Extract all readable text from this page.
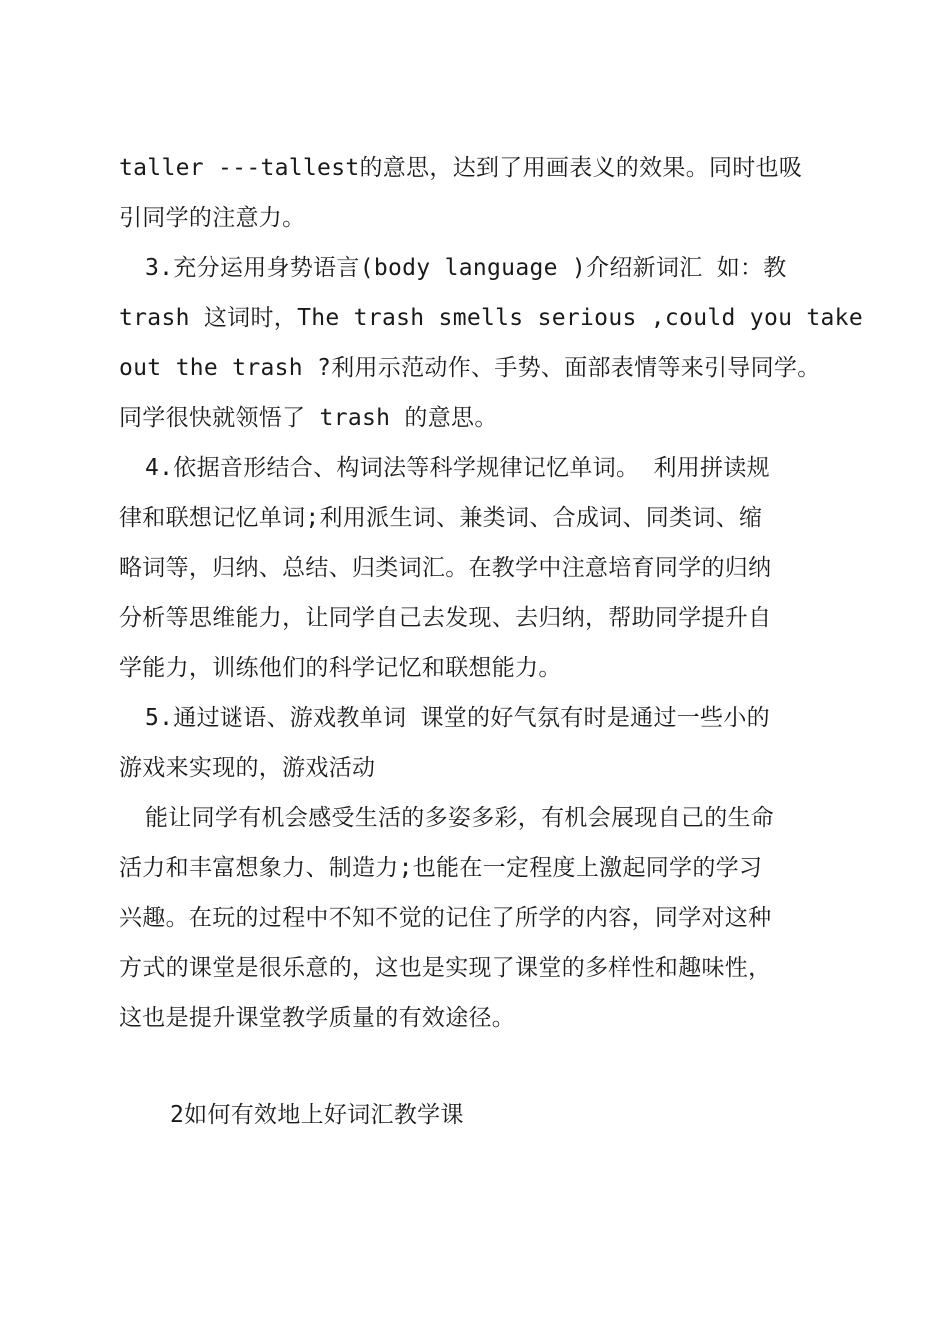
taller ---tallest的意思，达到了用画表义的效果。同时也吸
引同学的注意力。
3.充分运用身势语言(body language )介绍新词汇 如：教
trash 这词时，The trash smells serious ,could you take
out the trash ?利用示范动作、手势、面部表情等来引导同学。
同学很快就领悟了 trash 的意思。
4.依据音形结合、构词法等科学规律记忆单词。 利用拼读规
律和联想记忆单词;利用派生词、兼类词、合成词、同类词、缩
略词等，归纳、总结、归类词汇。在教学中注意培育同学的归纳
分析等思维能力，让同学自己去发现、去归纳，帮助同学提升自
学能力，训练他们的科学记忆和联想能力。
5.通过谜语、游戏教单词 课堂的好气氛有时是通过一些小的
游戏来实现的，游戏活动
能让同学有机会感受生活的多姿多彩，有机会展现自己的生命
活力和丰富想象力、制造力;也能在一定程度上激起同学的学习
兴趣。在玩的过程中不知不觉的记住了所学的内容，同学对这种
方式的课堂是很乐意的，这也是实现了课堂的多样性和趣味性，
这也是提升课堂教学质量的有效途径。
2如何有效地上好词汇教学课
